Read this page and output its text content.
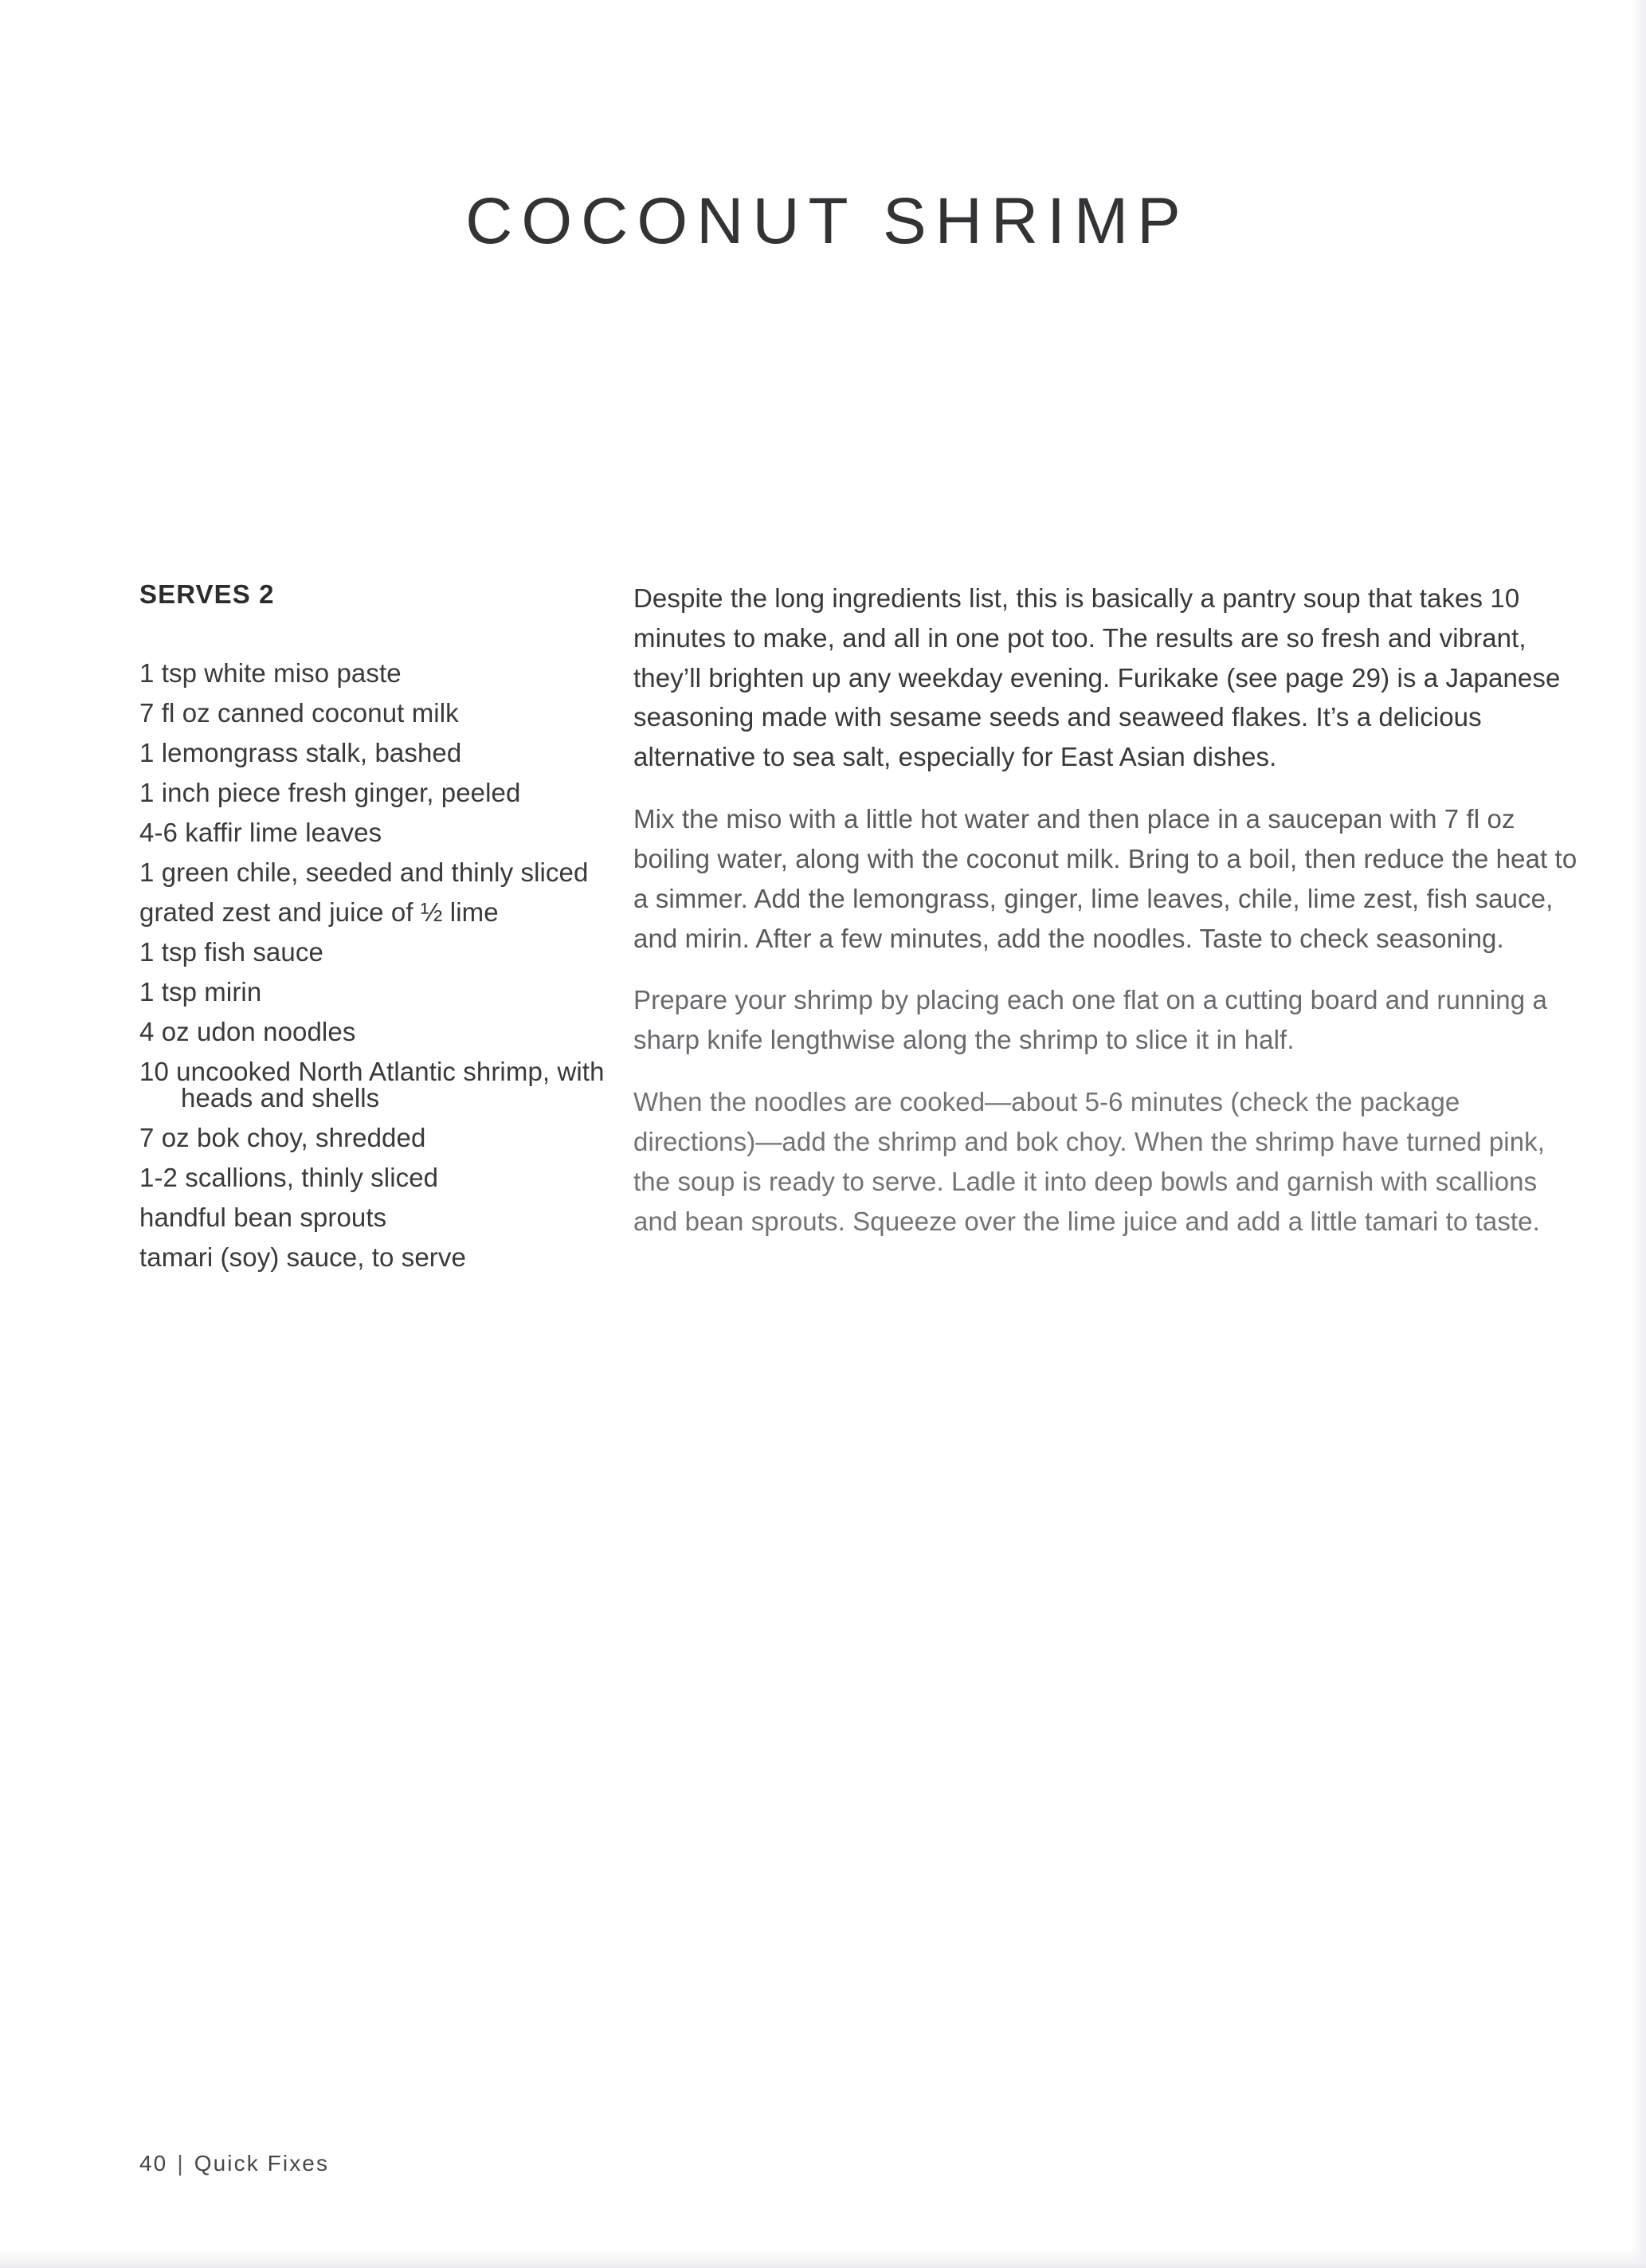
COCONUT SHRIMP
SERVES 2
1 tsp white miso paste
7 fl oz canned coconut milk
1 lemongrass stalk, bashed
1 inch piece fresh ginger, peeled
4-6 kaffir lime leaves
1 green chile, seeded and thinly sliced
grated zest and juice of ½ lime
1 tsp fish sauce
1 tsp mirin
4 oz udon noodles
10 uncooked North Atlantic shrimp, with heads and shells
7 oz bok choy, shredded
1-2 scallions, thinly sliced
handful bean sprouts
tamari (soy) sauce, to serve

Despite the long ingredients list, this is basically a pantry soup that takes 10 minutes to make, and all in one pot too. The results are so fresh and vibrant, they’ll brighten up any weekday evening. Furikake (see page 29) is a Japanese seasoning made with sesame seeds and seaweed flakes. It’s a delicious alternative to sea salt, especially for East Asian dishes.

Mix the miso with a little hot water and then place in a saucepan with 7 fl oz boiling water, along with the coconut milk. Bring to a boil, then reduce the heat to a simmer. Add the lemongrass, ginger, lime leaves, chile, lime zest, fish sauce, and mirin. After a few minutes, add the noodles. Taste to check seasoning.

Prepare your shrimp by placing each one flat on a cutting board and running a sharp knife lengthwise along the shrimp to slice it in half.

When the noodles are cooked—about 5-6 minutes (check the package directions)—add the shrimp and bok choy. When the shrimp have turned pink, the soup is ready to serve. Ladle it into deep bowls and garnish with scallions and bean sprouts. Squeeze over the lime juice and add a little tamari to taste.

40 | Quick Fixes
